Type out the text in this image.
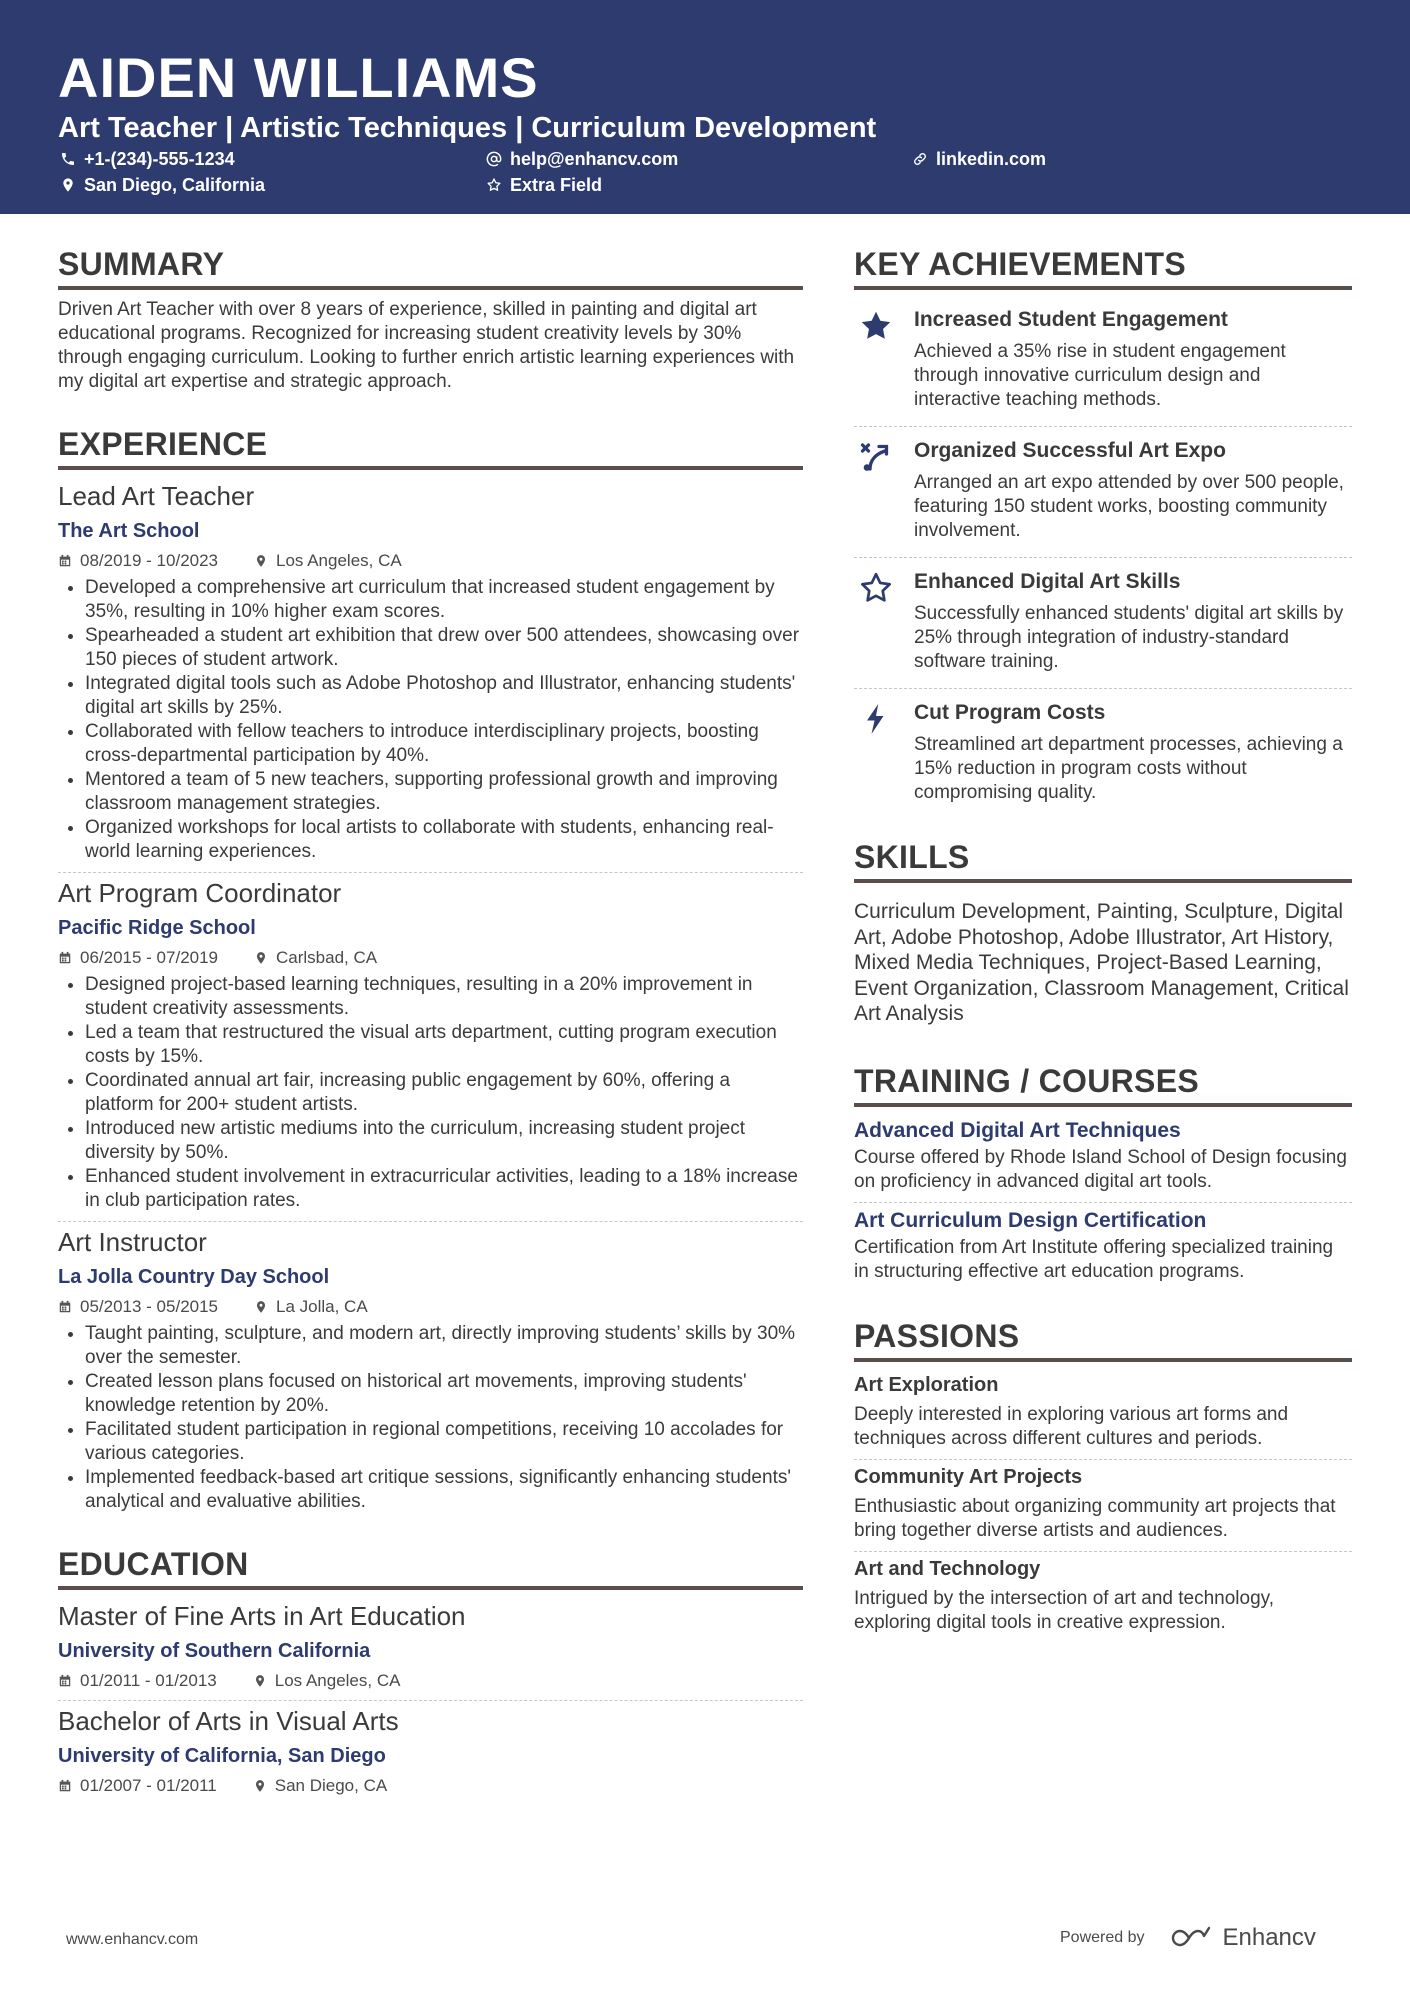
AIDEN WILLIAMS
Art Teacher | Artistic Techniques | Curriculum Development
+1-(234)-555-1234	help@enhancv.com	linkedin.com
San Diego, California	Extra Field
SUMMARY

Driven Art Teacher with over 8 years of experience, skilled in painting and digital art educational programs. Recognized for increasing student creativity levels by 30% through engaging curriculum. Looking to further enrich artistic learning experiences with my digital art expertise and strategic approach.

EXPERIENCE
Lead Art Teacher
The Art School
08/2019 - 10/2023	Los Angeles, CA
• Developed a comprehensive art curriculum that increased student engagement by 35%, resulting in 10% higher exam scores.
• Spearheaded a student art exhibition that drew over 500 attendees, showcasing over 150 pieces of student artwork.
• Integrated digital tools such as Adobe Photoshop and Illustrator, enhancing students' digital art skills by 25%.
• Collaborated with fellow teachers to introduce interdisciplinary projects, boosting cross-departmental participation by 40%.
• Mentored a team of 5 new teachers, supporting professional growth and improving classroom management strategies.
• Organized workshops for local artists to collaborate with students, enhancing real-world learning experiences.
Art Program Coordinator
Pacific Ridge School
06/2015 - 07/2019	Carlsbad, CA
• Designed project-based learning techniques, resulting in a 20% improvement in student creativity assessments.
• Led a team that restructured the visual arts department, cutting program execution costs by 15%.
• Coordinated annual art fair, increasing public engagement by 60%, offering a platform for 200+ student artists.
• Introduced new artistic mediums into the curriculum, increasing student project diversity by 50%.
• Enhanced student involvement in extracurricular activities, leading to a 18% increase in club participation rates.
Art Instructor
La Jolla Country Day School
05/2013 - 05/2015	La Jolla, CA
• Taught painting, sculpture, and modern art, directly improving students’ skills by 30% over the semester.
• Created lesson plans focused on historical art movements, improving students' knowledge retention by 20%.
• Facilitated student participation in regional competitions, receiving 10 accolades for various categories.
• Implemented feedback-based art critique sessions, significantly enhancing students' analytical and evaluative abilities.
EDUCATION
Master of Fine Arts in Art Education
University of Southern California
01/2011 - 01/2013	Los Angeles, CA
Bachelor of Arts in Visual Arts
University of California, San Diego
01/2007 - 01/2011	San Diego, CA
KEY ACHIEVEMENTS
Increased Student Engagement
Achieved a 35% rise in student engagement through innovative curriculum design and interactive teaching methods.
Organized Successful Art Expo
Arranged an art expo attended by over 500 people, featuring 150 student works, boosting community involvement.
Enhanced Digital Art Skills
Successfully enhanced students' digital art skills by 25% through integration of industry-standard software training.
Cut Program Costs
Streamlined art department processes, achieving a 15% reduction in program costs without compromising quality.
SKILLS
Curriculum Development, Painting, Sculpture, Digital Art, Adobe Photoshop, Adobe Illustrator, Art History, Mixed Media Techniques, Project-Based Learning, Event Organization, Classroom Management, Critical Art Analysis
TRAINING / COURSES
Advanced Digital Art Techniques
Course offered by Rhode Island School of Design focusing on proficiency in advanced digital art tools.
Art Curriculum Design Certification
Certification from Art Institute offering specialized training in structuring effective art education programs.
PASSIONS
Art Exploration
Deeply interested in exploring various art forms and techniques across different cultures and periods.
Community Art Projects
Enthusiastic about organizing community art projects that bring together diverse artists and audiences.
Art and Technology
Intrigued by the intersection of art and technology, exploring digital tools in creative expression.
www.enhancv.com	Powered by	Enhancv
